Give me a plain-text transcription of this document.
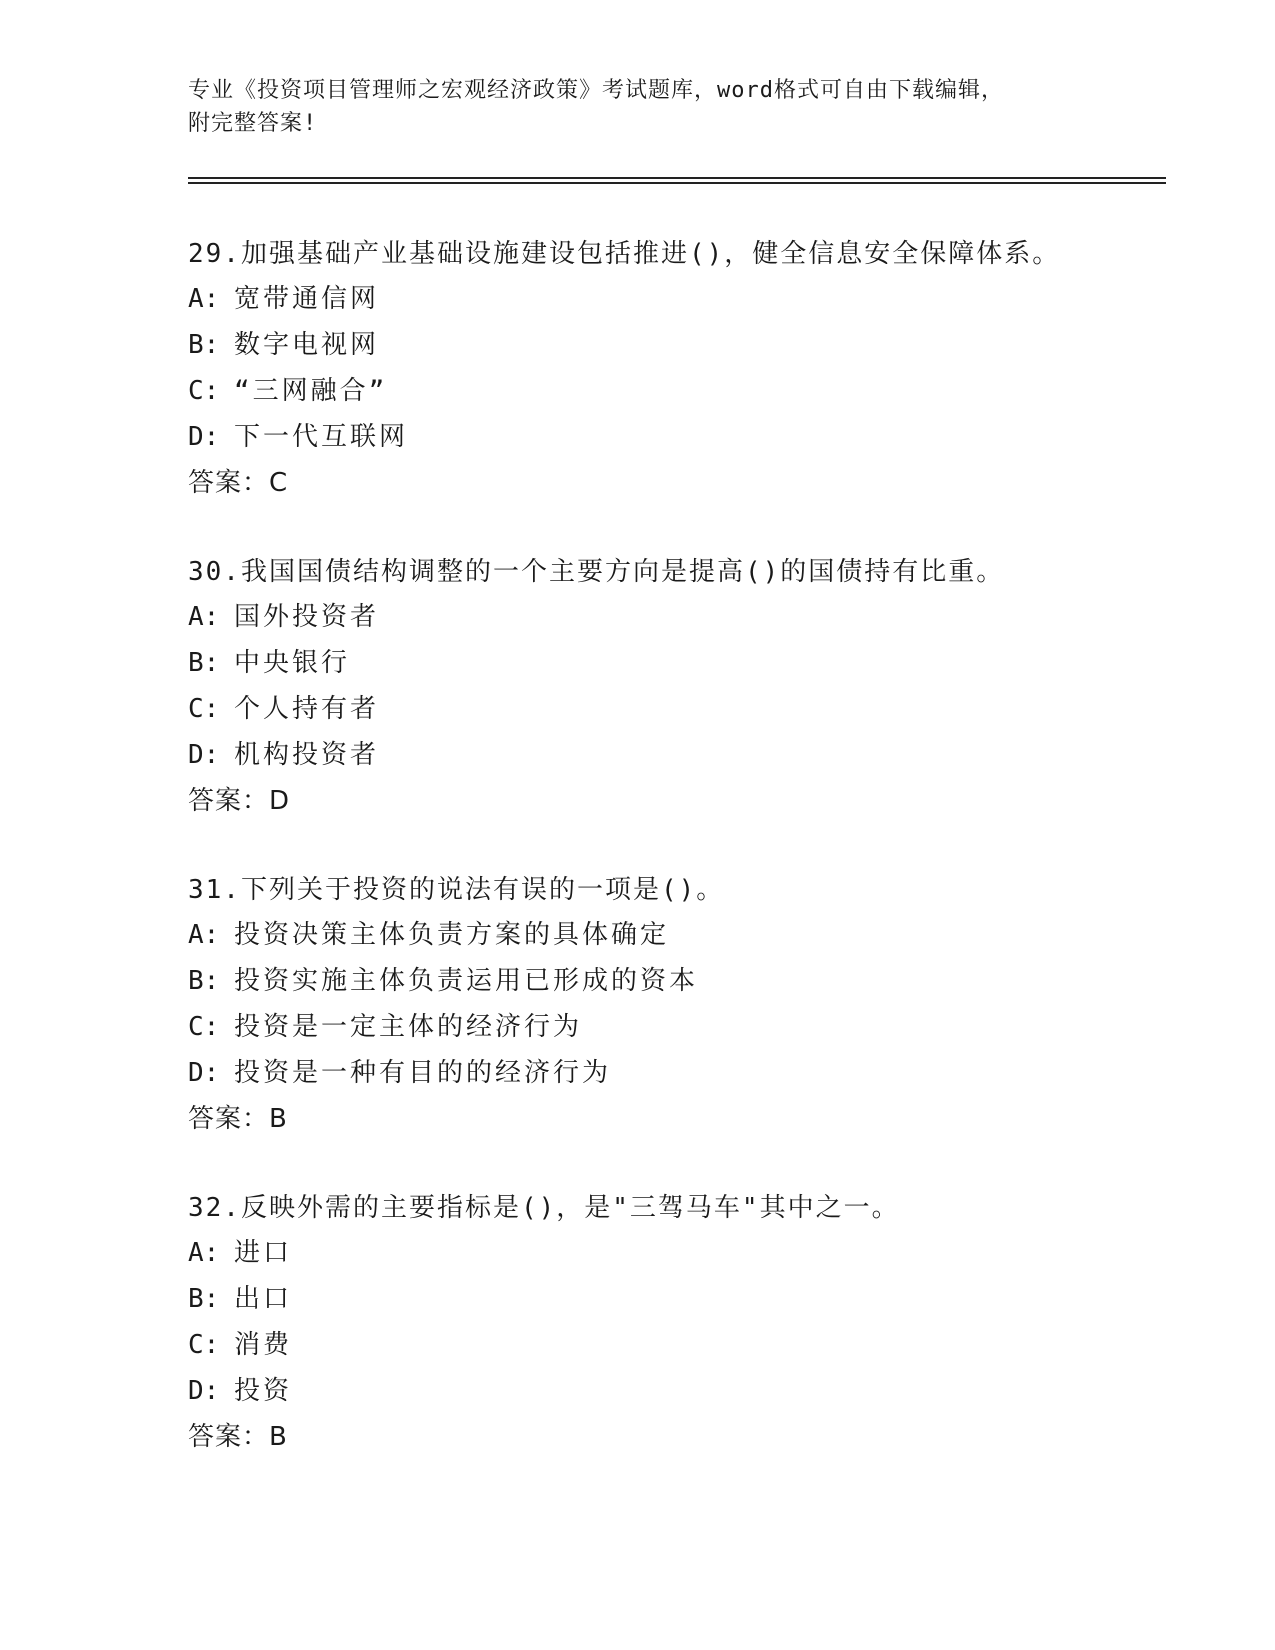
专业《投资项目管理师之宏观经济政策》考试题库，word格式可自由下载编辑，
附完整答案!
29.加强基础产业基础设施建设包括推进()，健全信息安全保障体系。
A: 宽带通信网
B: 数字电视网
C: “三网融合”
D: 下一代互联网
答案：C
30.我国国债结构调整的一个主要方向是提高()的国债持有比重。
A: 国外投资者
B: 中央银行
C: 个人持有者
D: 机构投资者
答案：D
31.下列关于投资的说法有误的一项是()。
A: 投资决策主体负责方案的具体确定
B: 投资实施主体负责运用已形成的资本
C: 投资是一定主体的经济行为
D: 投资是一种有目的的经济行为
答案：B
32.反映外需的主要指标是()，是"三驾马车"其中之一。
A: 进口
B: 出口
C: 消费
D: 投资
答案：B
